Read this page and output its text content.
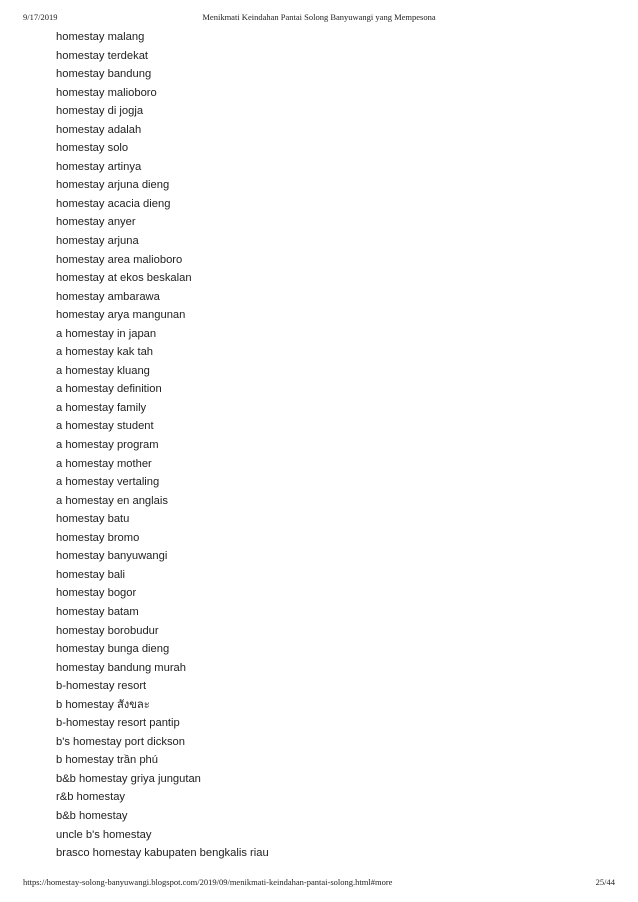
9/17/2019	Menikmati Keindahan Pantai Solong Banyuwangi yang Mempesona
homestay malang
homestay terdekat
homestay bandung
homestay malioboro
homestay di jogja
homestay adalah
homestay solo
homestay artinya
homestay arjuna dieng
homestay acacia dieng
homestay anyer
homestay arjuna
homestay area malioboro
homestay at ekos beskalan
homestay ambarawa
homestay arya mangunan
a homestay in japan
a homestay kak tah
a homestay kluang
a homestay definition
a homestay family
a homestay student
a homestay program
a homestay mother
a homestay vertaling
a homestay en anglais
homestay batu
homestay bromo
homestay banyuwangi
homestay bali
homestay bogor
homestay batam
homestay borobudur
homestay bunga dieng
homestay bandung murah
b-homestay resort
b homestay สังขละ
b-homestay resort pantip
b's homestay port dickson
b homestay trần phú
b&b homestay griya jungutan
r&b homestay
b&b homestay
uncle b's homestay
brasco homestay kabupaten bengkalis riau
https://homestay-solong-banyuwangi.blogspot.com/2019/09/menikmati-keindahan-pantai-solong.html#more	25/44
